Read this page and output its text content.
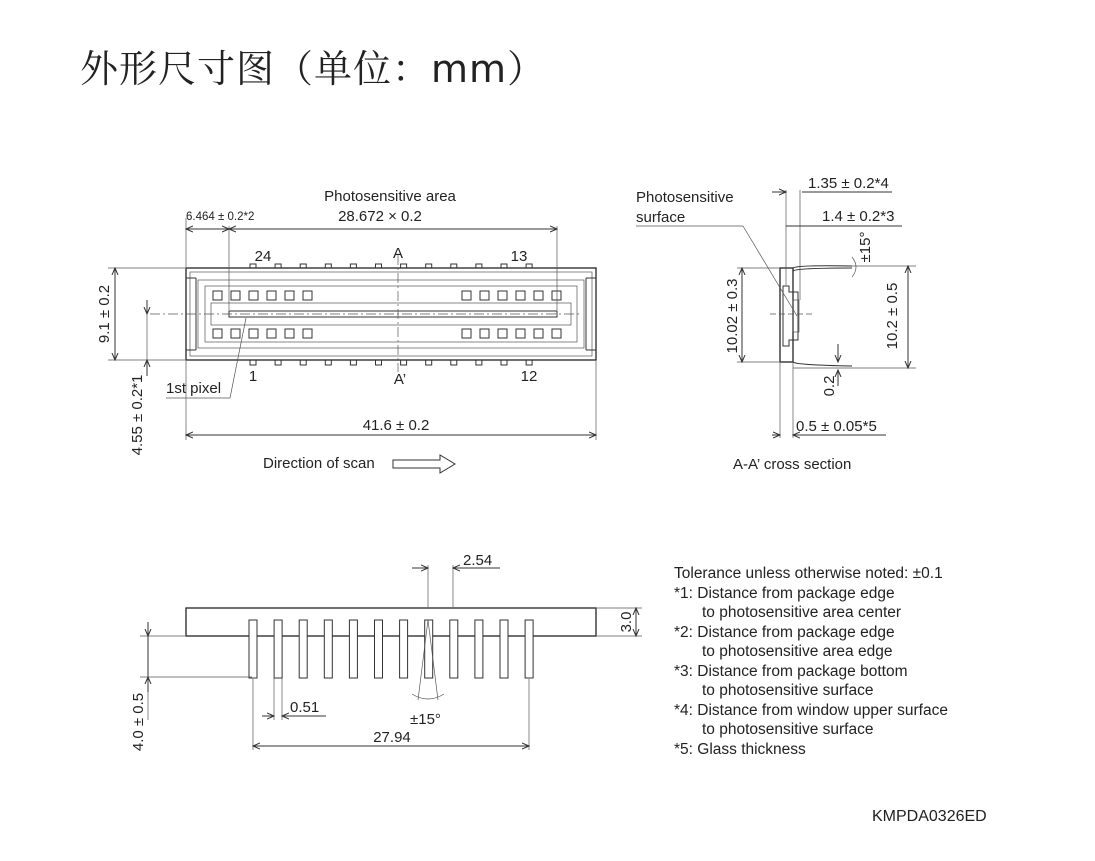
外形尺寸图（单位：mm）
Photosensitive area
28.672 × 0.2
6.464 ± 0.2*2
24	13
1	12
A
A’
9.1 ± 0.2
4.55 ± 0.2*1 1st pixel
41.6 ± 0.2
Direction of scan
Photosensitive
surface
1.35 ± 0.2*4
1.4 ± 0.2*3
±15°
10.02 ± 0.3	10.2 ± 0.5
0.2
0.5 ± 0.05*5
A-A’ cross section
2.54
3.0
4.0 ± 0.5	0.51
±15°
27.94
Tolerance unless otherwise noted: ±0.1
*1: Distance from package edge
to photosensitive area center
*2: Distance from package edge
to photosensitive area edge
*3: Distance from package bottom
to photosensitive surface
*4: Distance from window upper surface
to photosensitive surface
*5: Glass thickness
KMPDA0326ED
